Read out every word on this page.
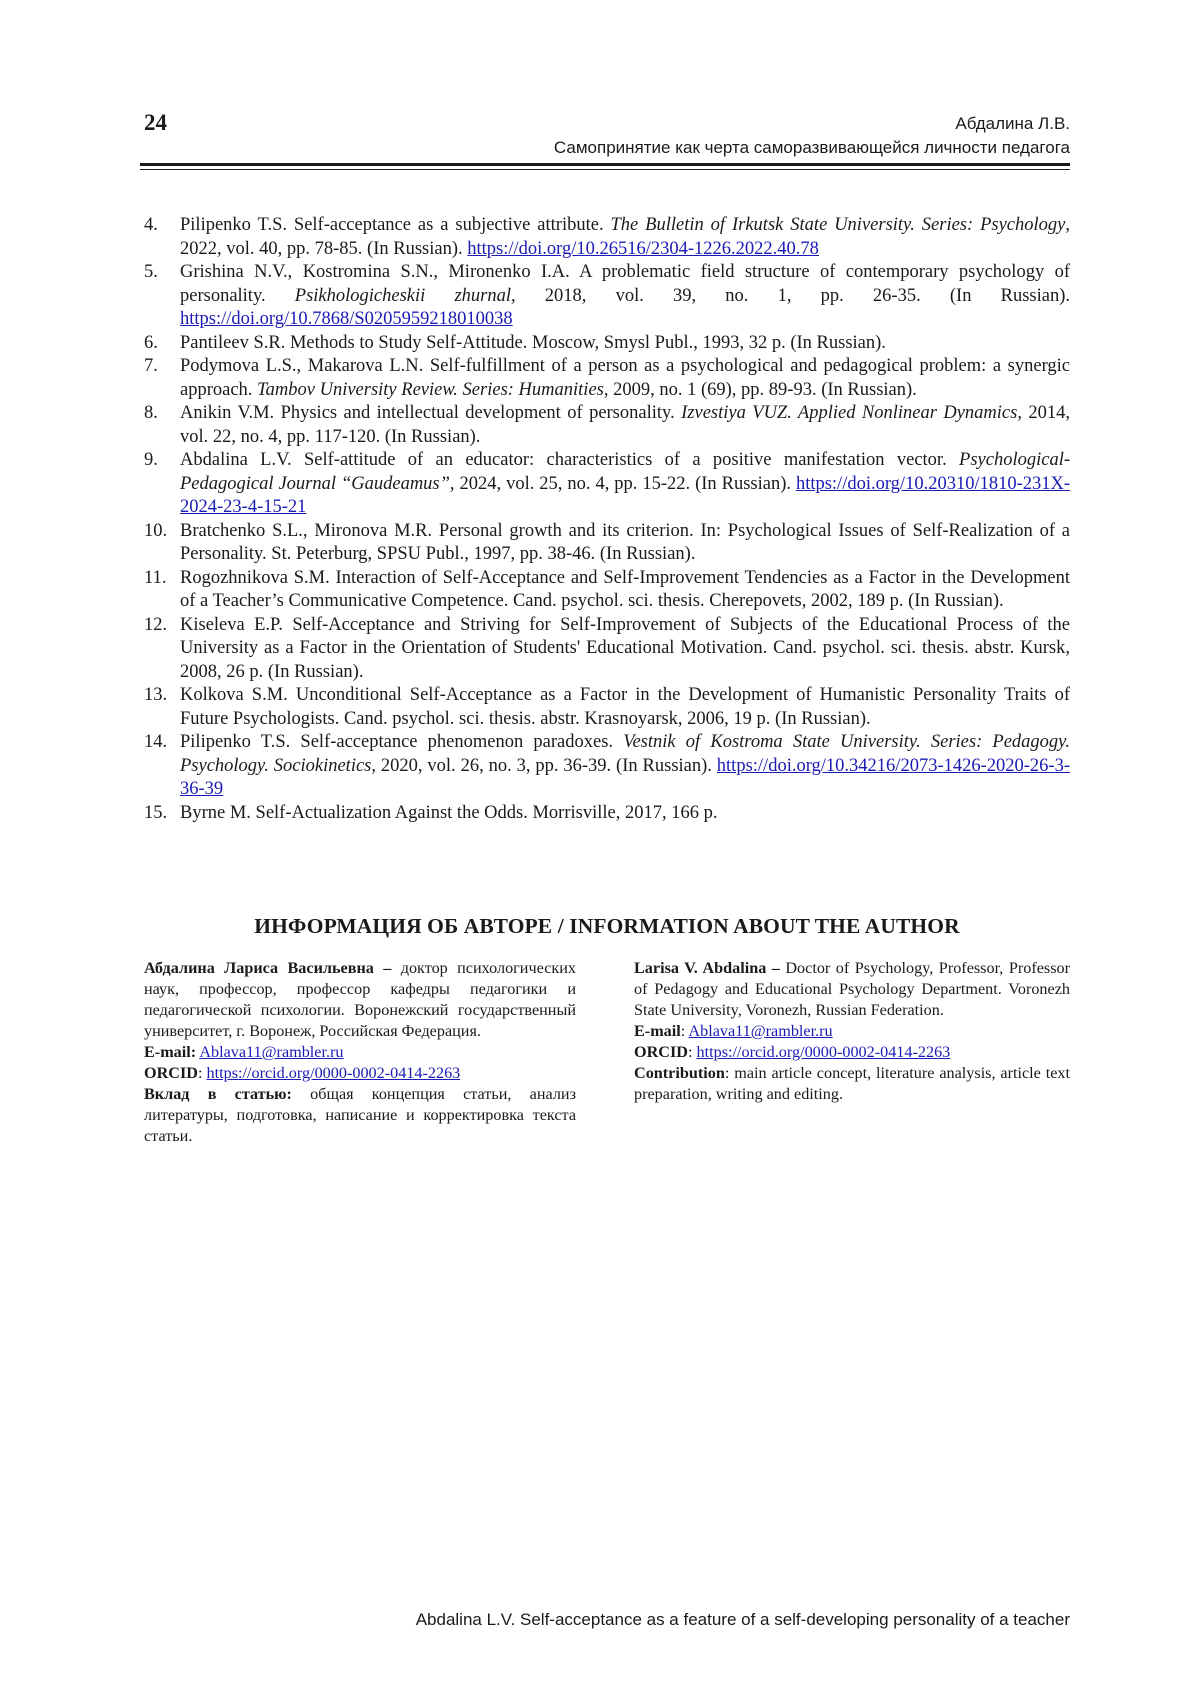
24	Абдалина Л.В.
Самопринятие как черта саморазвивающейся личности педагога
4. Pilipenko T.S. Self-acceptance as a subjective attribute. The Bulletin of Irkutsk State University. Series: Psychology, 2022, vol. 40, pp. 78-85. (In Russian). https://doi.org/10.26516/2304-1226.2022.40.78
5. Grishina N.V., Kostromina S.N., Mironenko I.A. A problematic field structure of contemporary psychology of personality. Psikhologicheskii zhurnal, 2018, vol. 39, no. 1, pp. 26-35. (In Russian). https://doi.org/10.7868/S0205959218010038
6. Pantileev S.R. Methods to Study Self-Attitude. Moscow, Smysl Publ., 1993, 32 p. (In Russian).
7. Podymova L.S., Makarova L.N. Self-fulfillment of a person as a psychological and pedagogical problem: a synergic approach. Tambov University Review. Series: Humanities, 2009, no. 1 (69), pp. 89-93. (In Russian).
8. Anikin V.M. Physics and intellectual development of personality. Izvestiya VUZ. Applied Nonlinear Dynamics, 2014, vol. 22, no. 4, pp. 117-120. (In Russian).
9. Abdalina L.V. Self-attitude of an educator: characteristics of a positive manifestation vector. Psychological-Pedagogical Journal “Gaudeamus”, 2024, vol. 25, no. 4, pp. 15-22. (In Russian). https://doi.org/10.20310/1810-231X-2024-23-4-15-21
10. Bratchenko S.L., Mironova M.R. Personal growth and its criterion. In: Psychological Issues of Self-Realization of a Personality. St. Peterburg, SPSU Publ., 1997, pp. 38-46. (In Russian).
11. Rogozhnikova S.M. Interaction of Self-Acceptance and Self-Improvement Tendencies as a Factor in the Development of a Teacher’s Communicative Competence. Cand. psychol. sci. thesis. Cherepovets, 2002, 189 p. (In Russian).
12. Kiseleva E.P. Self-Acceptance and Striving for Self-Improvement of Subjects of the Educational Process of the University as a Factor in the Orientation of Students' Educational Motivation. Cand. psychol. sci. thesis. abstr. Kursk, 2008, 26 p. (In Russian).
13. Kolkova S.M. Unconditional Self-Acceptance as a Factor in the Development of Humanistic Personality Traits of Future Psychologists. Cand. psychol. sci. thesis. abstr. Krasnoyarsk, 2006, 19 p. (In Russian).
14. Pilipenko T.S. Self-acceptance phenomenon paradoxes. Vestnik of Kostroma State University. Series: Pedagogy. Psychology. Sociokinetics, 2020, vol. 26, no. 3, pp. 36-39. (In Russian). https://doi.org/10.34216/2073-1426-2020-26-3-36-39
15. Byrne M. Self-Actualization Against the Odds. Morrisville, 2017, 166 p.
ИНФОРМАЦИЯ ОБ АВТОРЕ / INFORMATION ABOUT THE AUTHOR

Абдалина Лариса Васильевна – доктор психологических наук, профессор, профессор кафедры педагогики и педагогической психологии. Воронежский государственный университет, г. Воронеж, Российская Федерация.

E-mail: Ablava11@rambler.ru

ORCID: https://orcid.org/0000-0002-0414-2263

Вклад в статью: общая концепция статьи, анализ литературы, подготовка, написание и корректировка текста статьи.

Larisa V. Abdalina – Doctor of Psychology, Professor, Professor of Pedagogy and Educational Psychology Department. Voronezh State University, Voronezh, Russian Federation.

E-mail: Ablava11@rambler.ru

ORCID: https://orcid.org/0000-0002-0414-2263

Contribution: main article concept, literature analysis, article text preparation, writing and editing.

Abdalina L.V. Self-acceptance as a feature of a self-developing personality of a teacher
